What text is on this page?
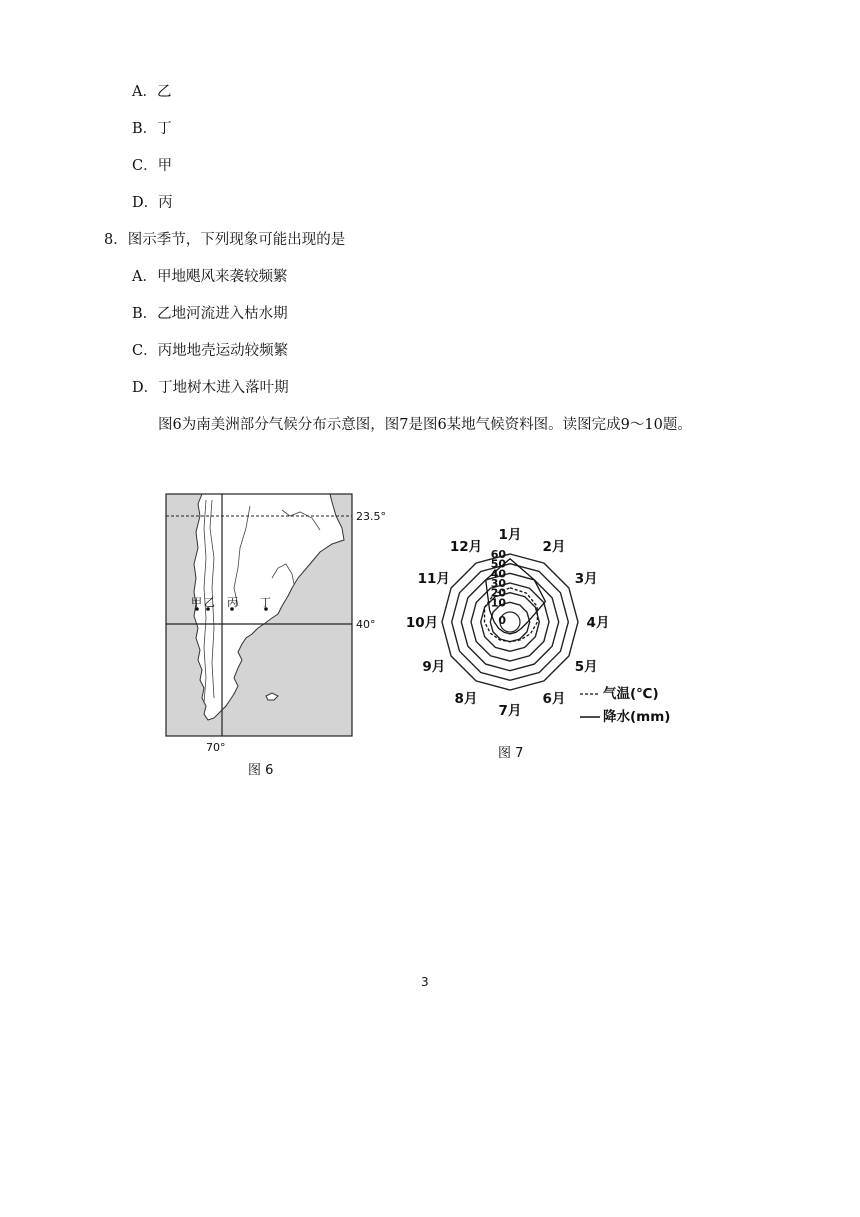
A．乙
B．丁
C．甲
D．丙
8．图示季节，下列现象可能出现的是
A．甲地飓风来袭较频繁
B．乙地河流进入枯水期
C．丙地地壳运动较频繁
D．丁地树木进入落叶期
图6为南美洲部分气候分布示意图，图7是图6某地气候资料图。读图完成9～10题。
23.5°
40°
70°
甲 乙 丙 丁
图 6
1月
2月
3月
4月
5月
6月
7月
8月
9月
10月
11月
12月
0
10
20
30
40
50
60
气温(℃)
降水(mm)
图 7
3
